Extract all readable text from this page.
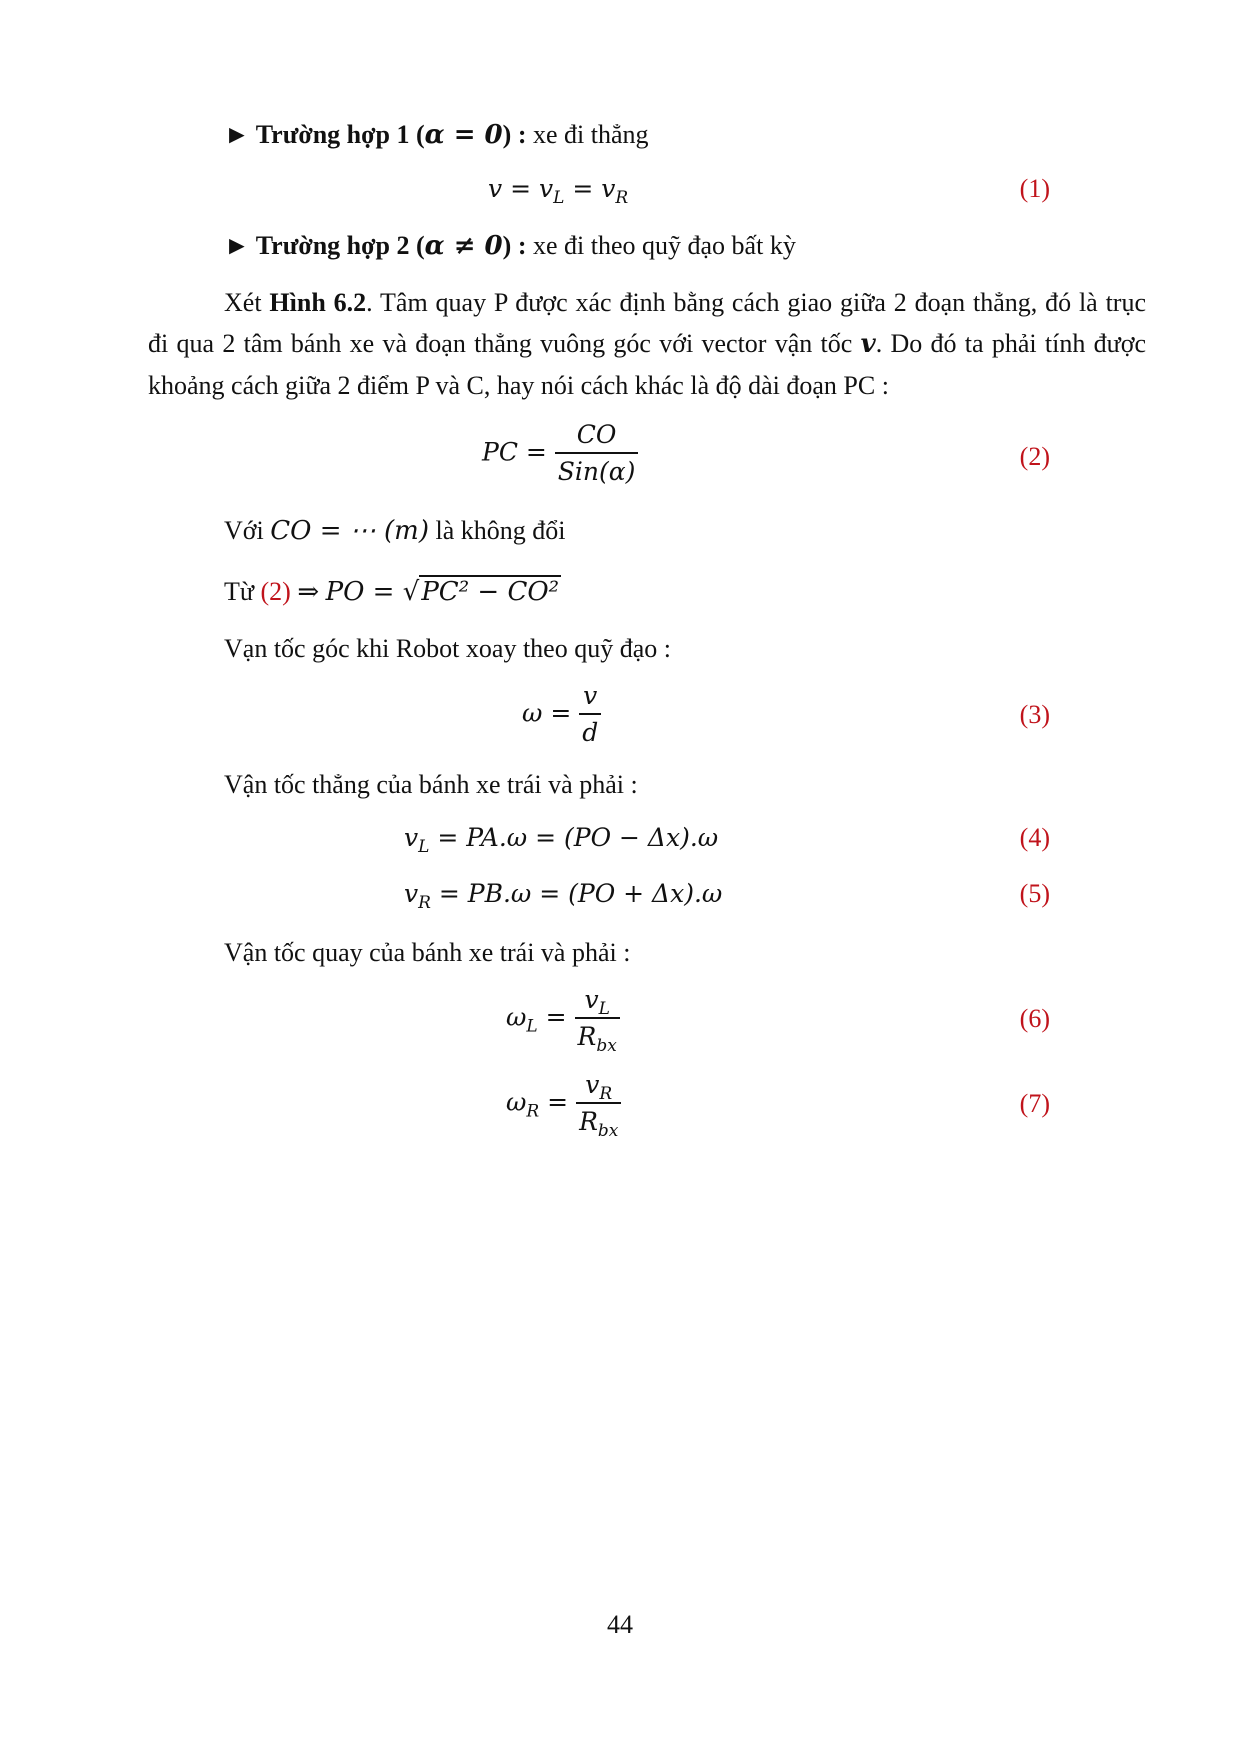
► Trường hợp 1 (α = 0) : xe đi thẳng
$v = v_L = v_R$	(1)
► Trường hợp 2 (α ≠ 0) : xe đi theo quỹ đạo bất kỳ
Xét Hình 6.2. Tâm quay P được xác định bằng cách giao giữa 2 đoạn thẳng, đó là trục đi qua 2 tâm bánh xe và đoạn thẳng vuông góc với vector vận tốc v. Do đó ta phải tính được khoảng cách giữa 2 điểm P và C, hay nói cách khác là độ dài đoạn PC :
PC = $\frac{CO}{\text{Sin(α)}}$	(2)
Với CO = ⋯ (m) là không đổi
Từ (2) ⇒ PO = √PC² − CO²
Vạn tốc góc khi Robot xoay theo quỹ đạo :
$\omega = \frac{v}{d}$	(3)
Vận tốc thẳng của bánh xe trái và phải :
$v_L = PA.\omega = (PO - \Delta x).\omega$	(4)
$v_R = PB.\omega = (PO + \Delta x).\omega$	(5)
Vận tốc quay của bánh xe trái và phải :
$\omega_L = \frac{v_L}{R_{bx}}$	(6)
$\omega_R = \frac{v_R}{R_{bx}}$	(7)
44
